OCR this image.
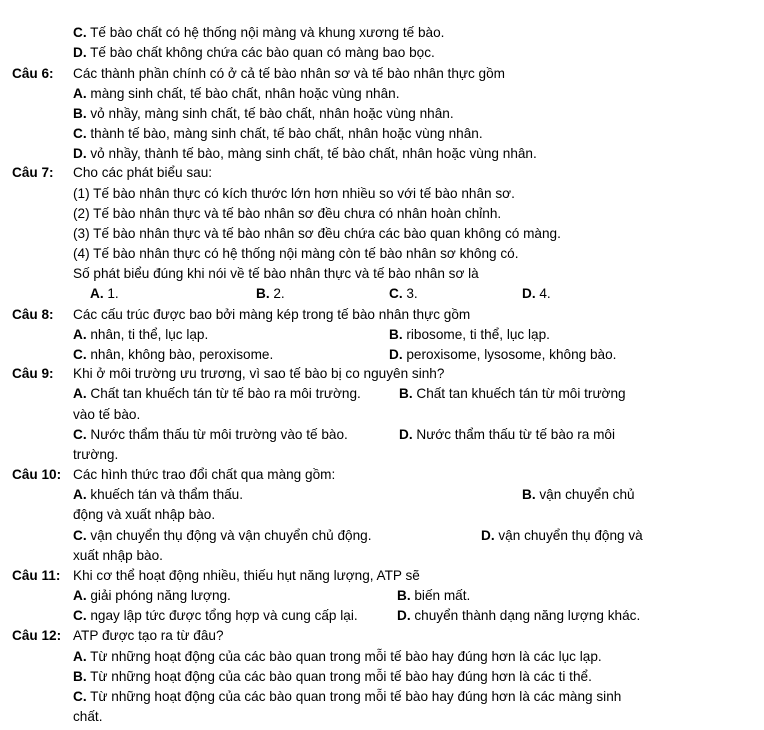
C. Tế bào chất có hệ thống nội màng và khung xương tế bào.
D. Tế bào chất không chứa các bào quan có màng bao bọc.
Câu 6: Các thành phần chính có ở cả tế bào nhân sơ và tế bào nhân thực gồm
A. màng sinh chất, tế bào chất, nhân hoặc vùng nhân.
B. vỏ nhầy, màng sinh chất, tế bào chất, nhân hoặc vùng nhân.
C. thành tế bào, màng sinh chất, tế bào chất, nhân hoặc vùng nhân.
D. vỏ nhầy, thành tế bào, màng sinh chất, tế bào chất, nhân hoặc vùng nhân.
Câu 7: Cho các phát biểu sau:
(1) Tế bào nhân thực có kích thước lớn hơn nhiều so với tế bào nhân sơ.
(2) Tế bào nhân thực và tế bào nhân sơ đều chưa có nhân hoàn chỉnh.
(3) Tế bào nhân thực và tế bào nhân sơ đều chứa các bào quan không có màng.
(4) Tế bào nhân thực có hệ thống nội màng còn tế bào nhân sơ không có.
Số phát biểu đúng khi nói về tế bào nhân thực và tế bào nhân sơ là
A. 1.	B. 2.	C. 3.	D. 4.
Câu 8: Các cấu trúc được bao bởi màng kép trong tế bào nhân thực gồm
A. nhân, ti thể, lục lạp.	B. ribosome, ti thể, lục lạp.
C. nhân, không bào, peroxisome.	D. peroxisome, lysosome, không bào.
Câu 9: Khi ở môi trường ưu trương, vì sao tế bào bị co nguyên sinh?
A. Chất tan khuếch tán từ tế bào ra môi trường.	B. Chất tan khuếch tán từ môi trường
vào tế bào.
C. Nước thẩm thấu từ môi trường vào tế bào.	D. Nước thẩm thấu từ tế bào ra môi
trường.
Câu 10: Các hình thức trao đổi chất qua màng gồm:
A. khuếch tán và thẩm thấu.	B. vận chuyển chủ
động và xuất nhập bào.
C. vận chuyển thụ động và vận chuyển chủ động.	D. vận chuyển thụ động và
xuất nhập bào.
Câu 11: Khi cơ thể hoạt động nhiều, thiếu hụt năng lượng, ATP sẽ
A. giải phóng năng lượng.	B. biến mất.
C. ngay lập tức được tổng hợp và cung cấp lại.	D. chuyển thành dạng năng lượng khác.
Câu 12: ATP được tạo ra từ đâu?
A. Từ những hoạt động của các bào quan trong mỗi tế bào hay đúng hơn là các lục lạp.
B. Từ những hoạt động của các bào quan trong mỗi tế bào hay đúng hơn là các ti thể.
C. Từ những hoạt động của các bào quan trong mỗi tế bào hay đúng hơn là các màng sinh
chất.
